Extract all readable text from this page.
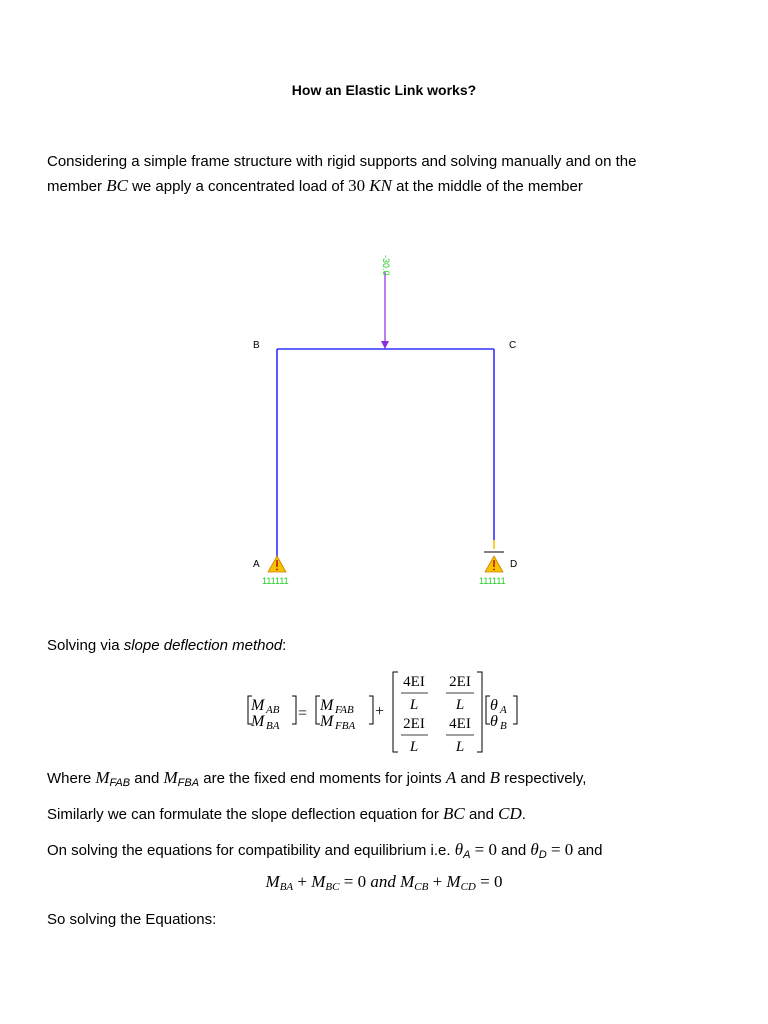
How an Elastic Link works?
Considering a simple frame structure with rigid supports and solving manually and on the
member BC we apply a concentrated load of 30 KN at the middle of the member
-30.0
B	C
A	D
111111	111111
Solving via slope deflection method:
M AB
M BA
= M FAB
M FBA
+
4EI
L
2EI
L
2EI
L
4EI
L
θ A
θ B
Where $M_{FAB}$ and $M_{FBA}$ are the fixed end moments for joints A and B respectively,
Similarly we can formulate the slope deflection equation for BC and CD.
On solving the equations for compatibility and equilibrium i.e. $\theta_A = 0$ and $\theta_D = 0$ and
$M_{BA} + M_{BC} = 0$ and $M_{CB} + M_{CD} = 0$
So solving the Equations:
